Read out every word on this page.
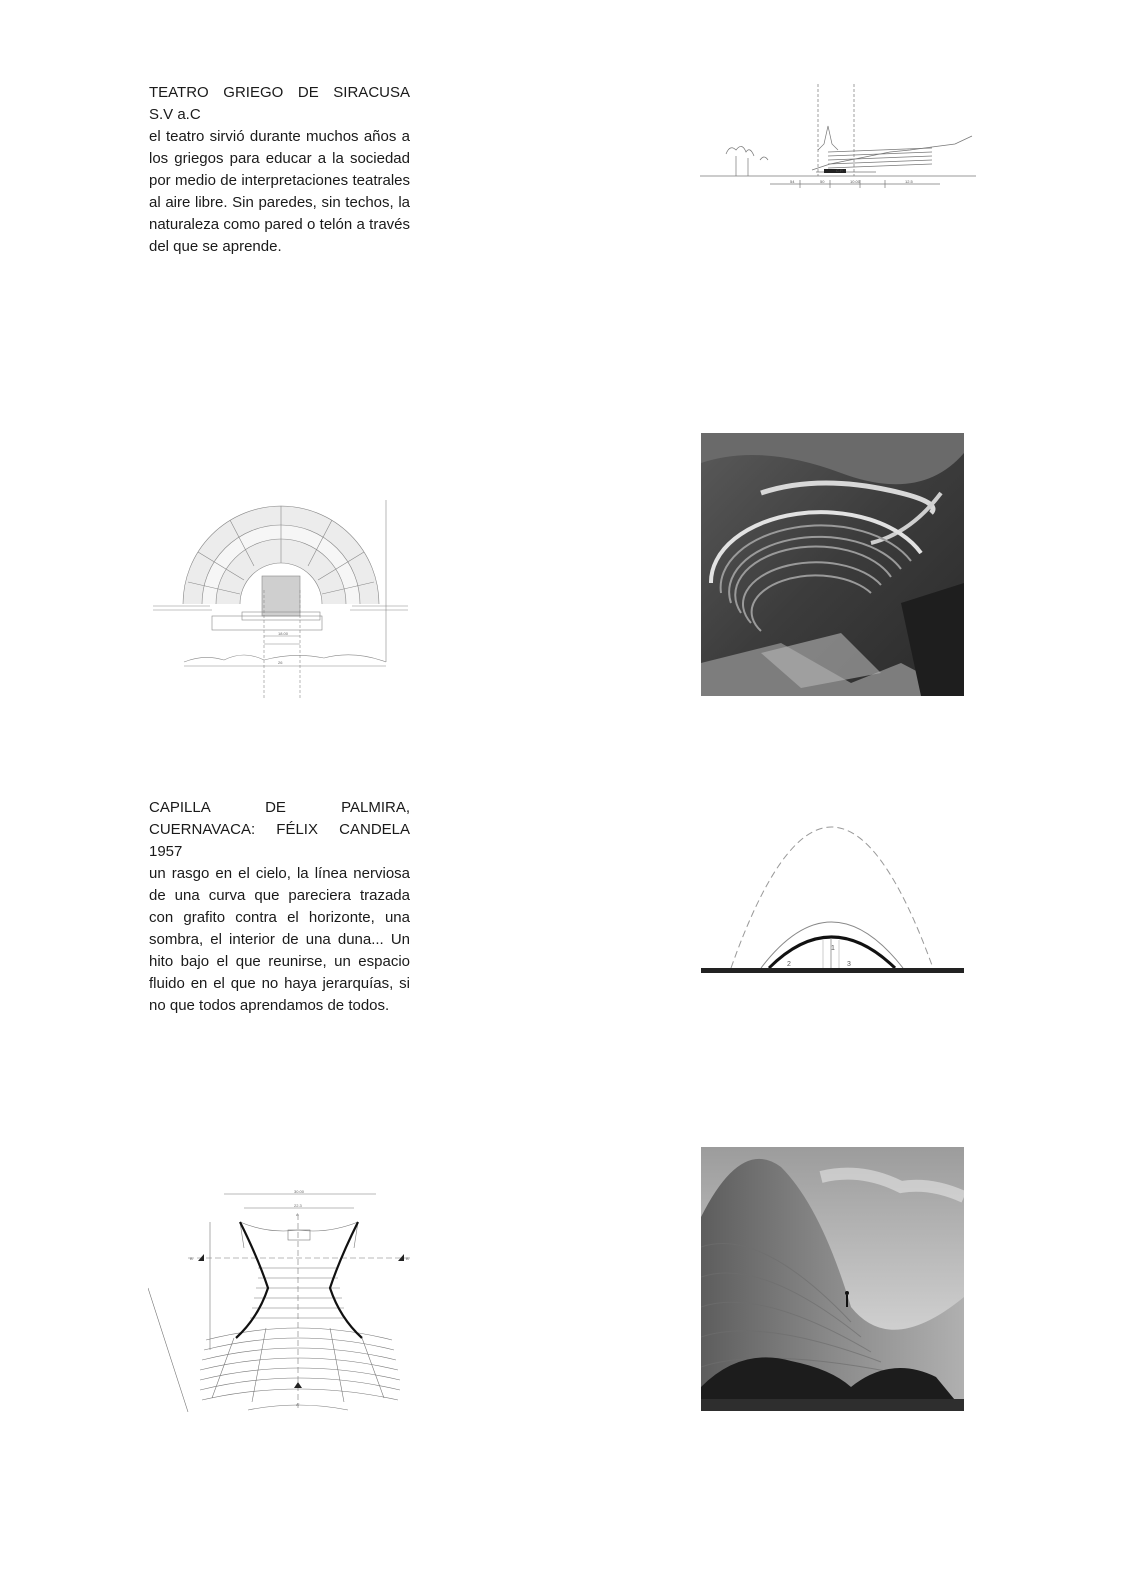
TEATRO GRIEGO DE SIRACUSA

S.V a.C

el teatro sirvió durante muchos años a los griegos para educar a la sociedad por medio de interpretaciones teatrales al aire libre. Sin paredes, sin techos, la naturaleza como pared o telón a través del que se aprende.

C.P.
54	50	10.00	12.5
18.00
26

CAPILLA DE PALMIRA, CUERNAVACA: FÉLIX CANDELA

1957

un rasgo en el cielo, la línea nerviosa de una curva que pareciera trazada con grafito contra el horizonte, una sombra, el interior de una duna... Un hito bajo el que reunirse, un espacio fluido en el que no haya jerarquías, si no que todos aprendamos de todos.

1
2	3
30.00
22.3
B	B'
A
A'
